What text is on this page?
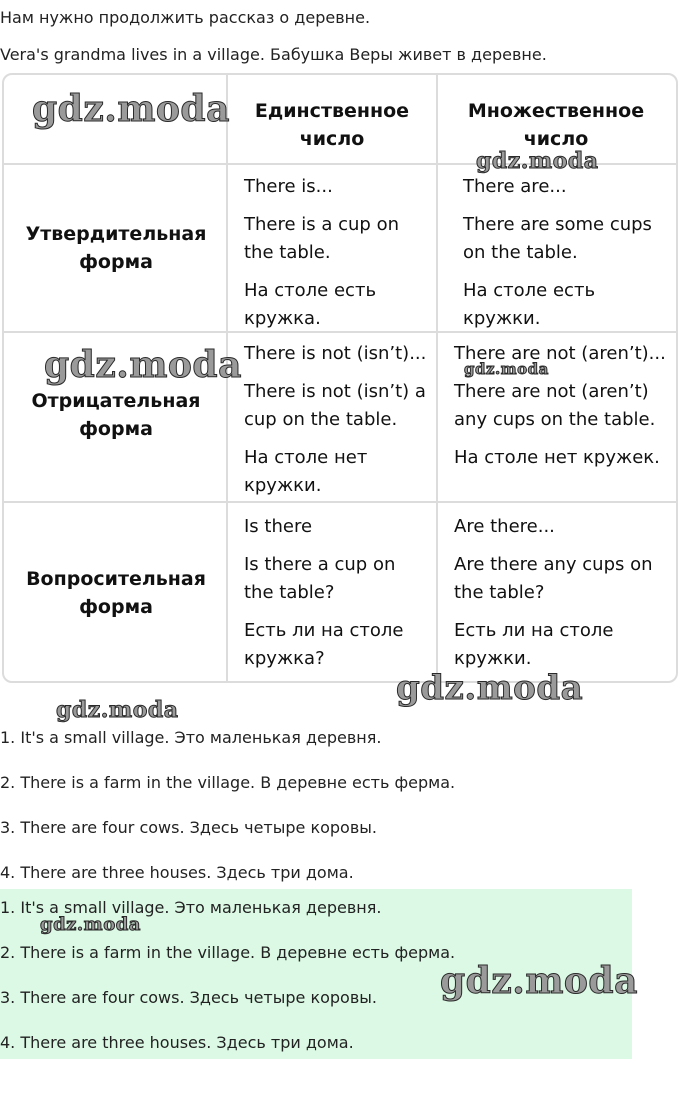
Нам нужно продолжить рассказ о деревне.
Vera's grandma lives in a village. Бабушка Веры живет в деревне.
Единственное число
Множественное число
Утвердительная форма
There is...
There is a cup on the table.
На столе есть кружка.
There are...
There are some cups on the table.
На столе есть кружки.
Отрицательная форма
There is not (isn’t)...
There is not (isn’t) a cup on the table.
На столе нет кружки.
There are not (aren’t)...
There are not (aren’t) any cups on the table.
На столе нет кружек.
Вопросительная форма
Is there
Is there a cup on the table?
Есть ли на столе кружка?
Are there...
Are there any cups on the table?
Есть ли на столе кружки.
1. It's a small village. Это маленькая деревня.
2. There is a farm in the village. В деревне есть ферма.
3. There are four cows. Здесь четыре коровы.
4. There are three houses. Здесь три дома.
1. It's a small village. Это маленькая деревня.
2. There is a farm in the village. В деревне есть ферма.
3. There are four cows. Здесь четыре коровы.
4. There are three houses. Здесь три дома.
gdz.moda
gdz.moda
gdz.moda	gdz.moda
gdz.moda
gdz.moda
gdz.moda
gdz.moda
